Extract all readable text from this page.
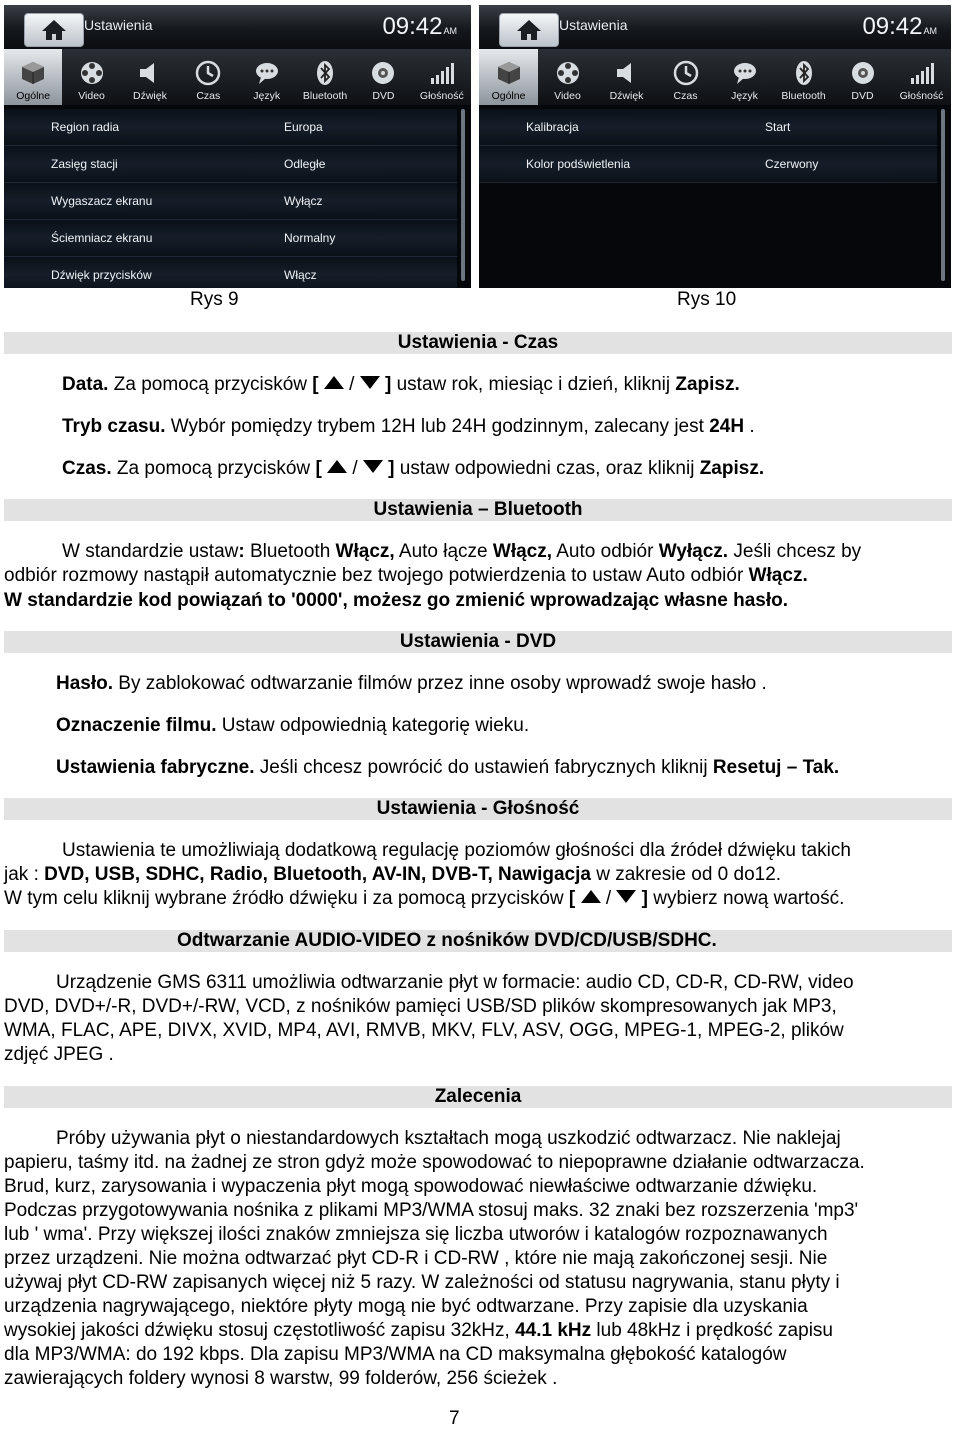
Ustawienia	09:42AM
Ogólne	Video	Dźwięk	Czas	Język Bluetooth DVD Głośność
Region radia	Europa
Zasięg stacji	Odległe
Wygaszacz ekranu	Wyłącz
Ściemniacz ekranu	Normalny
Dźwięk przycisków	Włącz
Ustawienia	09:42AM
Ogólne	Video	Dźwięk	Czas	Język Bluetooth DVD Głośność
Kalibracja	Start
Kolor podświetlenia	Czerwony
Rys 9	Rys 10
Ustawienia - Czas
Data. Za pomocą przycisków [ / ] ustaw rok, miesiąc i dzień, kliknij Zapisz.
Tryb czasu. Wybór pomiędzy trybem 12H lub 24H godzinnym, zalecany jest 24H .
Czas. Za pomocą przycisków [ / ] ustaw odpowiedni czas, oraz kliknij Zapisz.
Ustawienia – Bluetooth
W standardzie ustaw: Bluetooth Włącz, Auto łącze Włącz, Auto odbiór Wyłącz. Jeśli chcesz by
odbiór rozmowy nastąpił automatycznie bez twojego potwierdzenia to ustaw Auto odbiór Włącz.
W standardzie kod powiązań to '0000', możesz go zmienić wprowadzając własne hasło.
Ustawienia - DVD
Hasło. By zablokować odtwarzanie filmów przez inne osoby wprowadź swoje hasło .
Oznaczenie filmu. Ustaw odpowiednią kategorię wieku.
Ustawienia fabryczne. Jeśli chcesz powrócić do ustawień fabrycznych kliknij Resetuj – Tak.
Ustawienia - Głośność
Ustawienia te umożliwiają dodatkową regulację poziomów głośności dla źródeł dźwięku takich
jak : DVD, USB, SDHC, Radio, Bluetooth, AV-IN, DVB-T, Nawigacja w zakresie od 0 do12.
W tym celu kliknij wybrane źródło dźwięku i za pomocą przycisków [ / ] wybierz nową wartość.
Odtwarzanie AUDIO-VIDEO z nośników DVD/CD/USB/SDHC.
Urządzenie GMS 6311 umożliwia odtwarzanie płyt w formacie: audio CD, CD-R, CD-RW, video
DVD, DVD+/-R, DVD+/-RW, VCD, z nośników pamięci USB/SD plików skompresowanych jak MP3,
WMA, FLAC, APE, DIVX, XVID, MP4, AVI, RMVB, MKV, FLV, ASV, OGG, MPEG-1, MPEG-2, plików
zdjęć JPEG .
Zalecenia
Próby używania płyt o niestandardowych kształtach mogą uszkodzić odtwarzacz. Nie naklejaj
papieru, taśmy itd. na żadnej ze stron gdyż może spowodować to niepoprawne działanie odtwarzacza.
Brud, kurz, zarysowania i wypaczenia płyt mogą spowodować niewłaściwe odtwarzanie dźwięku.
Podczas przygotowywania nośnika z plikami MP3/WMA stosuj maks. 32 znaki bez rozszerzenia 'mp3'
lub ' wma'. Przy większej ilości znaków zmniejsza się liczba utworów i katalogów rozpoznawanych
przez urządzeni. Nie można odtwarzać płyt CD-R i CD-RW , które nie mają zakończonej sesji. Nie
używaj płyt CD-RW zapisanych więcej niż 5 razy. W zależności od statusu nagrywania, stanu płyty i
urządzenia nagrywającego, niektóre płyty mogą nie być odtwarzane. Przy zapisie dla uzyskania
wysokiej jakości dźwięku stosuj częstotliwość zapisu 32kHz, 44.1 kHz lub 48kHz i prędkość zapisu
dla MP3/WMA: do 192 kbps. Dla zapisu MP3/WMA na CD maksymalna głębokość katalogów
zawierających foldery wynosi 8 warstw, 99 folderów, 256 ścieżek .
7
